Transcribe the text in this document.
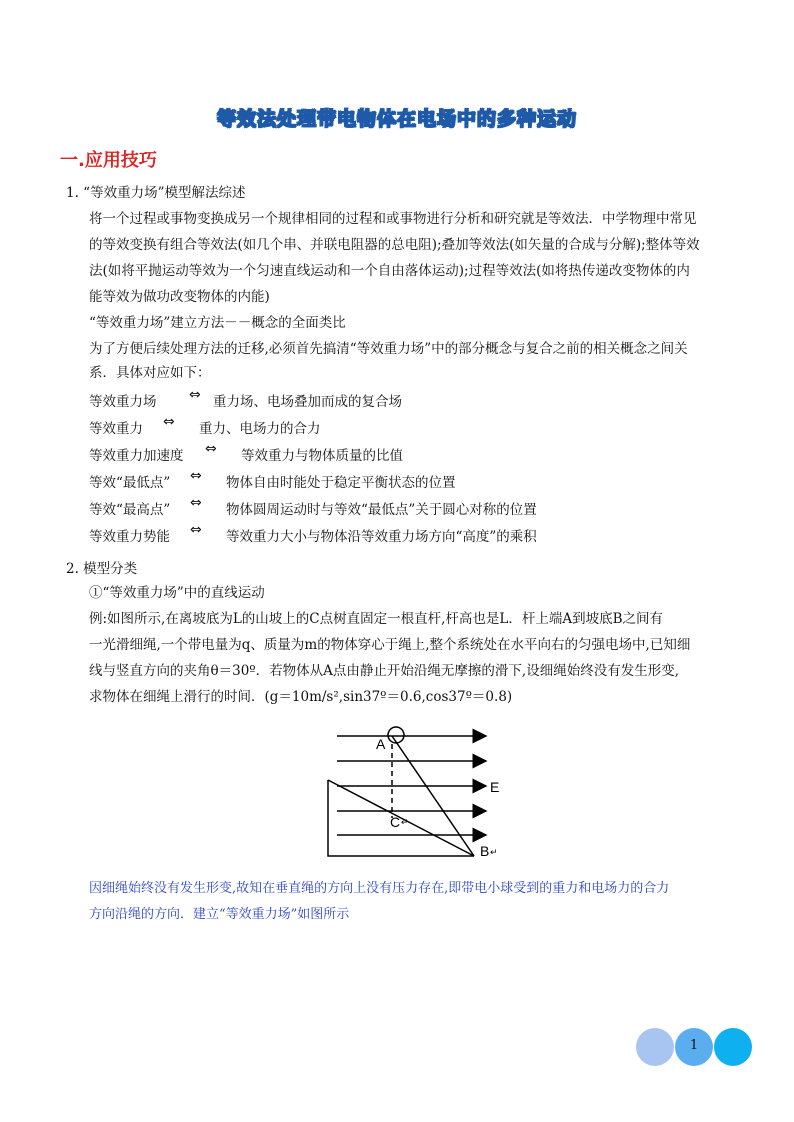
等效法处理带电物体在电场中的多种运动
一.应用技巧
1. “等效重力场”模型解法综述
将一个过程或事物变换成另一个规律相同的过程和或事物进行分析和研究就是等效法．中学物理中常见
的等效变换有组合等效法(如几个串、并联电阻器的总电阻);叠加等效法(如矢量的合成与分解);整体等效
法(如将平抛运动等效为一个匀速直线运动和一个自由落体运动);过程等效法(如将热传递改变物体的内
能等效为做功改变物体的内能)
“等效重力场”建立方法－－概念的全面类比
为了方便后续处理方法的迁移,必须首先搞清“等效重力场”中的部分概念与复合之前的相关概念之间关
系．具体对应如下：
等效重力场 ⇔ 重力场、电场叠加而成的复合场
等效重力 ⇔ 重力、电场力的合力
等效重力加速度 ⇔ 等效重力与物体质量的比值
等效“最低点” ⇔ 物体自由时能处于稳定平衡状态的位置
等效“最高点” ⇔ 物体圆周运动时与等效“最低点”关于圆心对称的位置
等效重力势能 ⇔ 等效重力大小与物体沿等效重力场方向“高度”的乘积
2. 模型分类
①“等效重力场”中的直线运动
例:如图所示,在离坡底为L的山坡上的C点树直固定一根直杆,杆高也是L．杆上端A到坡底B之间有
一光滑细绳,一个带电量为q、质量为m的物体穿心于绳上,整个系统处在水平向右的匀强电场中,已知细
线与竖直方向的夹角θ＝30º．若物体从A点由静止开始沿绳无摩擦的滑下,设细绳始终没有发生形变,
求物体在细绳上滑行的时间．(g＝10m/s²,sin37º＝0.6,cos37º＝0.8)
A
C ↵
E
B ↵
因细绳始终没有发生形变,故知在垂直绳的方向上没有压力存在,即带电小球受到的重力和电场力的合力
方向沿绳的方向．建立“等效重力场”如图所示
1
